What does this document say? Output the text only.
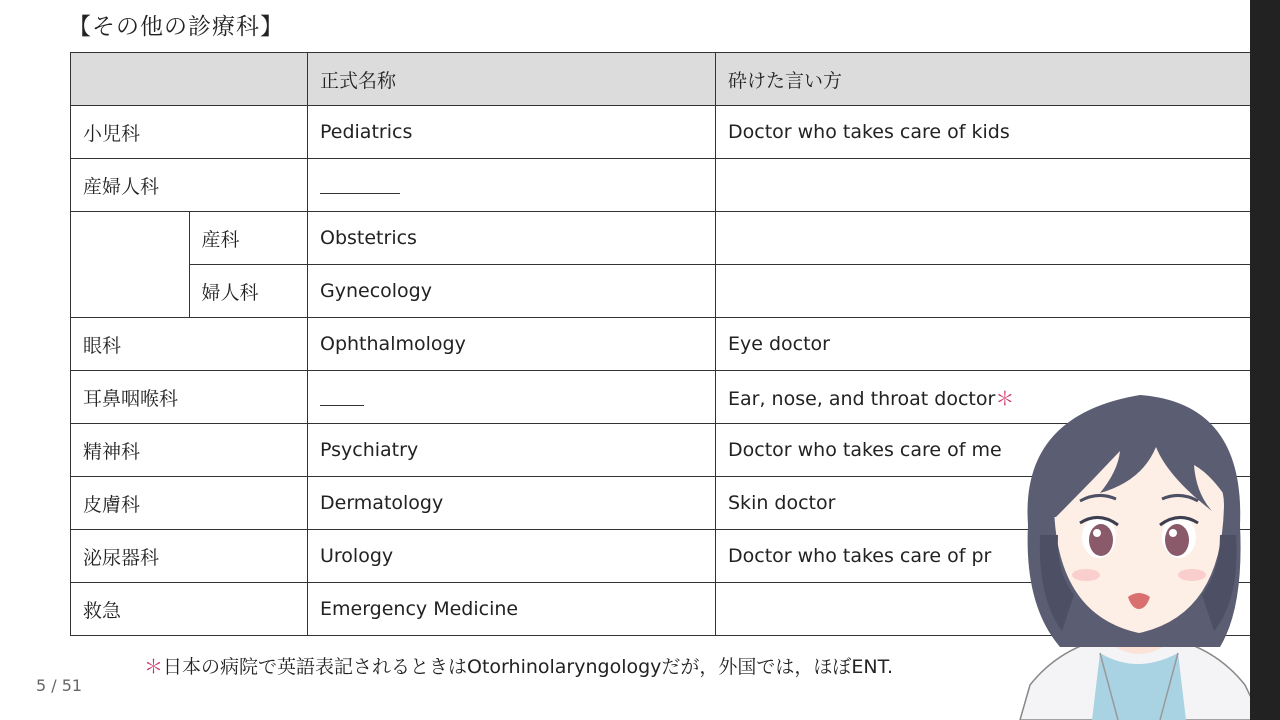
【その他の診療科】
		正式名称	砕けた言い方
小児科		Pediatrics	Doctor who takes care of kids
産婦人科			
	産科	Obstetrics	
	婦人科	Gynecology	
眼科		Ophthalmology	Eye doctor
耳鼻咽喉科			Ear, nose, and throat doctor＊
精神科		Psychiatry	Doctor who takes care of me
皮膚科		Dermatology	Skin doctor
泌尿器科		Urology	Doctor who takes care of pr
救急		Emergency Medicine	
＊日本の病院で英語表記されるときはOtorhinolaryngologyだが，外国では，ほぼENT.
5 / 51
